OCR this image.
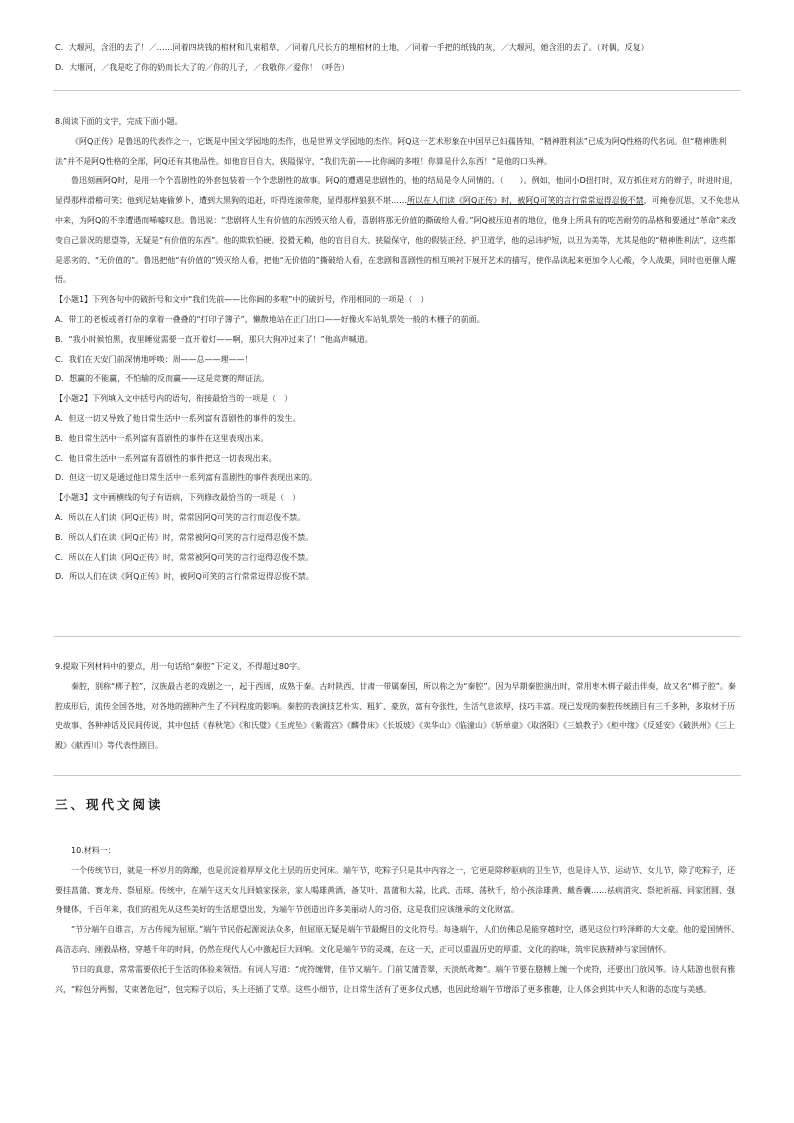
C．大堰河，含泪的去了！／……同着四块钱的棺材和几束稻草，／同着几尺长方的埋棺材的土地，／同着一手把的纸钱的灰，／大堰河，她含泪的去了。（对偶，反复）

D．大堰河，／我是吃了你的奶而长大了的／你的儿子，／我敬你／爱你！（呼告）

8.阅读下面的文字，完成下面小题。

《阿Q正传》是鲁迅的代表作之一，它既是中国文学园地的杰作，也是世界文学园地的杰作。阿Q这一艺术形象在中国早已妇孺皆知，“精神胜利法”已成为阿Q性格的代名词。但“精神胜利法”并不是阿Q性格的全部，阿Q还有其他品性。如他盲目自大，狭隘保守，“我们先前——比你阔的多啦！你算是什么东西！”是他的口头禅。

鲁迅刻画阿Q时，是用一个个喜剧性的外套包装着一个个悲剧性的故事。阿Q的遭遇是悲剧性的，他的结局是令人同情的。（　　）。例如，他同小D扭打时，双方抓住对方的辫子，时进时退，显得那样滑稽可笑；他到尼姑庵偷萝卜，遭到大黑狗的追赶，吓得连滚带爬，显得那样狼狈不堪……所以在人们读《阿Q正传》时，被阿Q可笑的言行常常逗得忍俊不禁，可掩卷沉思，又不免悲从中来，为阿Q的不幸遭遇而唏嘘叹息。鲁迅说：“悲剧将人生有价值的东西毁灭给人看，喜剧将那无价值的撕破给人看。”阿Q被压迫者的地位，他身上所具有的吃苦耐劳的品格和要通过“革命”来改变自己景况的愿望等，无疑是“有价值的东西”。他的欺软怕硬、狡猾无赖，他的盲目自大、狭隘保守，他的假装正经、护卫道学，他的忌讳护短，以丑为美等，尤其是他的“精神胜利法”，这些都是恶劣的、“无价值的”。鲁迅把他“有价值的”毁灭给人看，把他“无价值的”撕破给人看，在悲剧和喜剧性的相互映衬下展开艺术的描写，使作品读起来更加令人心酸，令人战栗，同时也更催人醒悟。

【小题1】下列各句中的破折号和文中“我们先前——比你阔的多啦”中的破折号，作用相同的一项是（　）

A．带工的老板或者打杂的拿着一叠叠的“打印子簿子”，懒散地站在正门出口——好像火车站轧票处一般的木栅子的前面。

B．“我小时候怕黑，夜里睡觉需要一直开着灯——啊，那只大狗冲过来了！”他高声喊道。

C．我们在天安门前深情地呼唤：周——总——理——！

D．想赢的不能赢，不怕输的反而赢——这是竞赛的辩证法。

【小题2】下列填入文中括号内的语句，衔接最恰当的一项是（　）

A．但这一切又导致了他日常生活中一系列富有喜剧性的事件的发生。

B．他日常生活中一系列富有喜剧性的事件在这里表现出来。

C．他日常生活中一系列富有喜剧性的事件把这一切表现出来。

D．但这一切又是通过他日常生活中一系列富有喜剧性的事件表现出来的。

【小题3】文中画横线的句子有语病，下列修改最恰当的一项是（　）

A．所以在人们读《阿Q正传》时，常常因阿Q可笑的言行而忍俊不禁。

B．所以人们在读《阿Q正传》时，常常被阿Q可笑的言行逗得忍俊不禁。

C．所以在人们读《阿Q正传》时，常常被阿Q可笑的言行逗得忍俊不禁。

D．所以人们在读《阿Q正传》时，被阿Q可笑的言行常常逗得忍俊不禁。

9.提取下列材料中的要点，用一句话给“秦腔”下定义，不得超过80字。

秦腔，别称“梆子腔”，汉族最古老的戏剧之一，起于西周，成熟于秦。古时陕西、甘肃一带属秦国，所以称之为“秦腔”。因为早期秦腔演出时，常用枣木梆子敲击伴奏，故又名“梆子腔”。秦腔成形后，流传全国各地，对各地的剧种产生了不同程度的影响。秦腔的表演技艺朴实、粗犷、豪放，富有夸张性，生活气息浓厚，技巧丰富。现已发现的秦腔传统剧目有三千多种，多取材于历史故事、各种神话及民间传说，其中包括《春秋笔》《和氏璧》《玉虎坠》《紫霞宫》《麟骨床》《长坂坡》《卖华山》《临潼山》《斩单童》《取洛阳》《三娘教子》《柜中缘》《反延安》《破洪州》《三上殿》《献西川》等代表性剧目。

三、现代文阅读

10.材料一：

一个传统节日，就是一杯岁月的陈酿，也是沉淀着厚厚文化土层的历史河床。端午节，吃粽子只是其中内容之一，它更是除秽驱病的卫生节，也是诗人节、运动节、女儿节，除了吃粽子，还要挂菖蒲、赛龙舟、祭屈原。传统中，在端午这天女儿回娘家探亲，家人喝雄黄酒，备艾叶、菖蒲和大蒜，比武、击球、荡秋千，给小孩涂雄黄、戴香囊……祛病消灾、祭祀祈福、同家团圆、强身健体，千百年来，我们的祖先从这些美好的生活愿望出发，为端午节创造出许多美丽动人的习俗，这是我们应该继承的文化财富。

“节分端午自谁言，万古传闻为屈原。”端午节民俗起源说法众多，但屈原无疑是端午节最醒目的文化符号。每逢端午，人们仿佛总是能穿越时空，遇见这位行吟泽畔的大文豪。他的爱国情怀、高洁志向、刚毅品格，穿越千年的时间，仍然在现代人心中激起巨大回响。文化是端午节的灵魂，在这一天，正可以重温历史的厚重、文化的韵味，筑牢民族精神与家国情怀。

节日的真意，常常需要依托于生活的体验来领悟。有词人写道：“虎符缠臂，佳节又端午。门前艾蒲青翠，天淡纸鸢舞”。端午节要在胳膊上缠一个虎符，还要出门放风筝。诗人陆游也很有雅兴，“粽包分两髻，艾束著危冠”，包完粽子以后，头上还插了艾草。这些小细节，让日常生活有了更多仪式感，也因此给端午节增添了更多雅趣，让人体会到其中天人和谐的态度与美感。
